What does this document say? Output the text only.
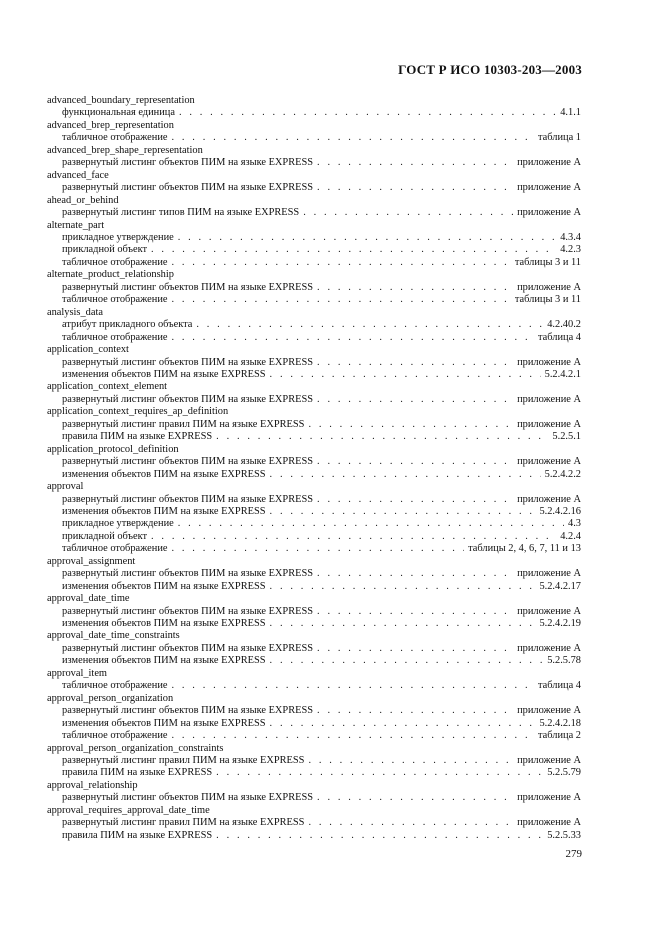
ГОСТ Р ИСО 10303-203—2003
advanced_boundary_representation
функциональная единица . . .	4.1.1
advanced_brep_representation
табличное отображение . . .	таблица 1
advanced_brep_shape_representation
развернутый листинг объектов ПИМ на языке EXPRESS . . .	приложение А
advanced_face
развернутый листинг объектов ПИМ на языке EXPRESS . . .	приложение А
ahead_or_behind
развернутый листинг типов ПИМ на языке EXPRESS . . .	приложение А
alternate_part
прикладное утверждение . . .	4.3.4
прикладной объект . . .	4.2.3
табличное отображение . . .	таблицы 3 и 11
alternate_product_relationship
развернутый листинг объектов ПИМ на языке EXPRESS . . .	приложение А
табличное отображение . . .	таблицы 3 и 11
analysis_data
атрибут прикладного объекта . . .	4.2.40.2
табличное отображение . . .	таблица 4
application_context
развернутый листинг объектов ПИМ на языке EXPRESS . . .	приложение А
изменения объектов ПИМ на языке EXPRESS . . .	5.2.4.2.1
application_context_element
развернутый листинг объектов ПИМ на языке EXPRESS . . .	приложение А
application_context_requires_ap_definition
развернутый листинг правил ПИМ на языке EXPRESS . . .	приложение А
правила ПИМ на языке EXPRESS . . .	5.2.5.1
application_protocol_definition
развернутый листинг объектов ПИМ на языке EXPRESS . . .	приложение А
изменения объектов ПИМ на языке EXPRESS . . .	5.2.4.2.2
approval
развернутый листинг объектов ПИМ на языке EXPRESS . . .	приложение А
изменения объектов ПИМ на языке EXPRESS . . .	5.2.4.2.16
прикладное утверждение . . .	4.3
прикладной объект . . .	4.2.4
табличное отображение . . .	таблицы 2, 4, 6, 7, 11 и 13
approval_assignment
развернутый листинг объектов ПИМ на языке EXPRESS . . .	приложение А
изменения объектов ПИМ на языке EXPRESS . . .	5.2.4.2.17
approval_date_time
развернутый листинг объектов ПИМ на языке EXPRESS . . .	приложение А
изменения объектов ПИМ на языке EXPRESS . . .	5.2.4.2.19
approval_date_time_constraints
развернутый листинг объектов ПИМ на языке EXPRESS . . .	приложение А
изменения объектов ПИМ на языке EXPRESS . . .	5.2.5.78
approval_item
табличное отображение . . .	таблица 4
approval_person_organization
развернутый листинг объектов ПИМ на языке EXPRESS . . .	приложение А
изменения объектов ПИМ на языке EXPRESS . . .	5.2.4.2.18
табличное отображение . . .	таблица 2
approval_person_organization_constraints
развернутый листинг правил ПИМ на языке EXPRESS . . .	приложение А
правила ПИМ на языке EXPRESS . . .	5.2.5.79
approval_relationship
развернутый листинг объектов ПИМ на языке EXPRESS . . .	приложение А
approval_requires_approval_date_time
развернутый листинг правил ПИМ на языке EXPRESS . . .	приложение А
правила ПИМ на языке EXPRESS . . .	5.2.5.33
279
